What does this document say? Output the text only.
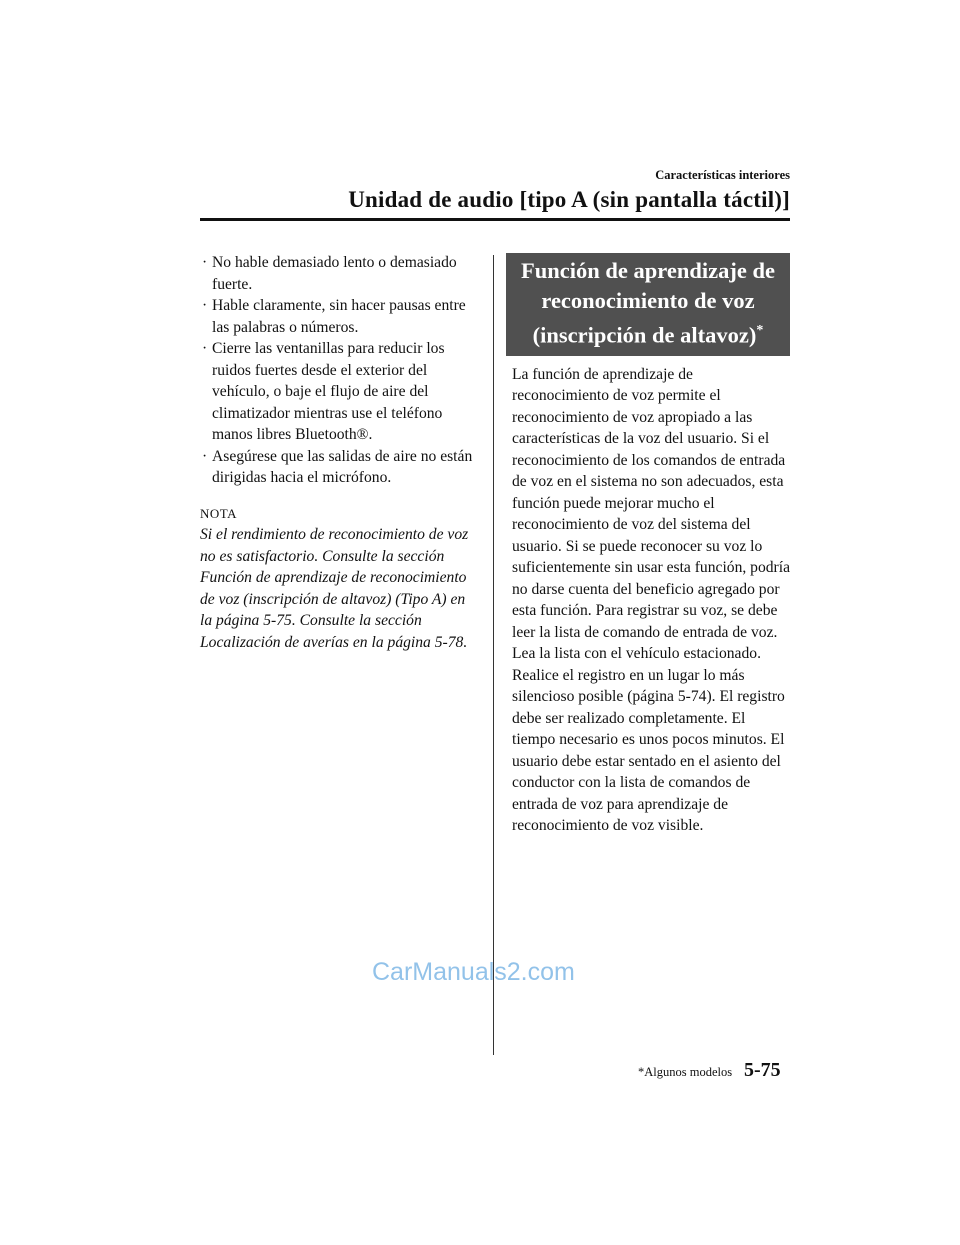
Características interiores
Unidad de audio [tipo A (sin pantalla táctil)]

· No hable demasiado lento o demasiado fuerte.

· Hable claramente, sin hacer pausas entre las palabras o números.

· Cierre las ventanillas para reducir los ruidos fuertes desde el exterior del vehículo, o baje el flujo de aire del climatizador mientras use el teléfono manos libres Bluetooth®.

· Asegúrese que las salidas de aire no están dirigidas hacia el micrófono.

NOTA
Si el rendimiento de reconocimiento de voz no es satisfactorio. Consulte la sección Función de aprendizaje de reconocimiento de voz (inscripción de altavoz) (Tipo A) en la página 5-75. Consulte la sección Localización de averías en la página 5-78.
Función de aprendizaje de reconocimiento de voz (inscripción de altavoz)*

La función de aprendizaje de reconocimiento de voz permite el reconocimiento de voz apropiado a las características de la voz del usuario. Si el reconocimiento de los comandos de entrada de voz en el sistema no son adecuados, esta función puede mejorar mucho el reconocimiento de voz del sistema del usuario. Si se puede reconocer su voz lo suficientemente sin usar esta función, podría no darse cuenta del beneficio agregado por esta función. Para registrar su voz, se debe leer la lista de comando de entrada de voz. Lea la lista con el vehículo estacionado. Realice el registro en un lugar lo más silencioso posible (página 5-74). El registro debe ser realizado completamente. El tiempo necesario es unos pocos minutos. El usuario debe estar sentado en el asiento del conductor con la lista de comandos de entrada de voz para aprendizaje de reconocimiento de voz visible.

CarManuals2.com
*Algunos modelos 5-75
